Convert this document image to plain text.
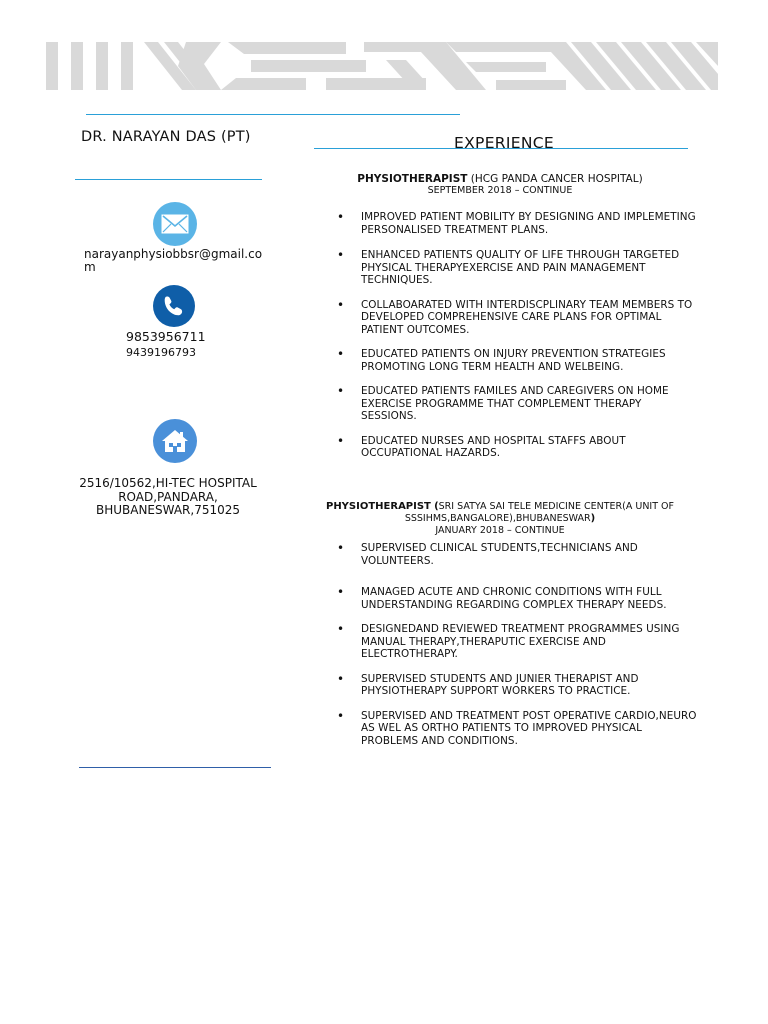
DR. NARAYAN DAS (PT)
narayanphysiobbsr@gmail.com
9853956711
9439196793
2516/10562,HI-TEC HOSPITAL ROAD,PANDARA, BHUBANESWAR,751025
EXPERIENCE
PHYSIOTHERAPIST (HCG PANDA CANCER HOSPITAL)
SEPTEMBER 2018 – CONTINUE
• IMPROVED PATIENT MOBILITY BY DESIGNING AND IMPLEMETING PERSONALISED TREATMENT PLANS.
• ENHANCED PATIENTS QUALITY OF LIFE THROUGH TARGETED PHYSICAL THERAPYEXERCISE AND PAIN MANAGEMENT TECHNIQUES.
• COLLABOARATED WITH INTERDISCPLINARY TEAM MEMBERS TO DEVELOPED COMPREHENSIVE CARE PLANS FOR OPTIMAL PATIENT OUTCOMES.
• EDUCATED PATIENTS ON INJURY PREVENTION STRATEGIES PROMOTING LONG TERM HEALTH AND WELBEING.
• EDUCATED PATIENTS FAMILES AND CAREGIVERS ON HOME EXERCISE PROGRAMME THAT COMPLEMENT THERAPY SESSIONS.
• EDUCATED NURSES AND HOSPITAL STAFFS ABOUT OCCUPATIONAL HAZARDS.
PHYSIOTHERAPIST (SRI SATYA SAI TELE MEDICINE CENTER(A UNIT OF SSSIHMS,BANGALORE),BHUBANESWAR)
JANUARY 2018 – CONTINUE
• SUPERVISED CLINICAL STUDENTS,TECHNICIANS AND VOLUNTEERS.
• MANAGED ACUTE AND CHRONIC CONDITIONS WITH FULL UNDERSTANDING REGARDING COMPLEX THERAPY NEEDS.
• DESIGNEDAND REVIEWED TREATMENT PROGRAMMES USING MANUAL THERAPY,THERAPUTIC EXERCISE AND ELECTROTHERAPY.
• SUPERVISED STUDENTS AND JUNIER THERAPIST AND PHYSIOTHERAPY SUPPORT WORKERS TO PRACTICE.
• SUPERVISED AND TREATMENT POST OPERATIVE CARDIO,NEURO AS WEL AS ORTHO PATIENTS TO IMPROVED PHYSICAL PROBLEMS AND CONDITIONS.
